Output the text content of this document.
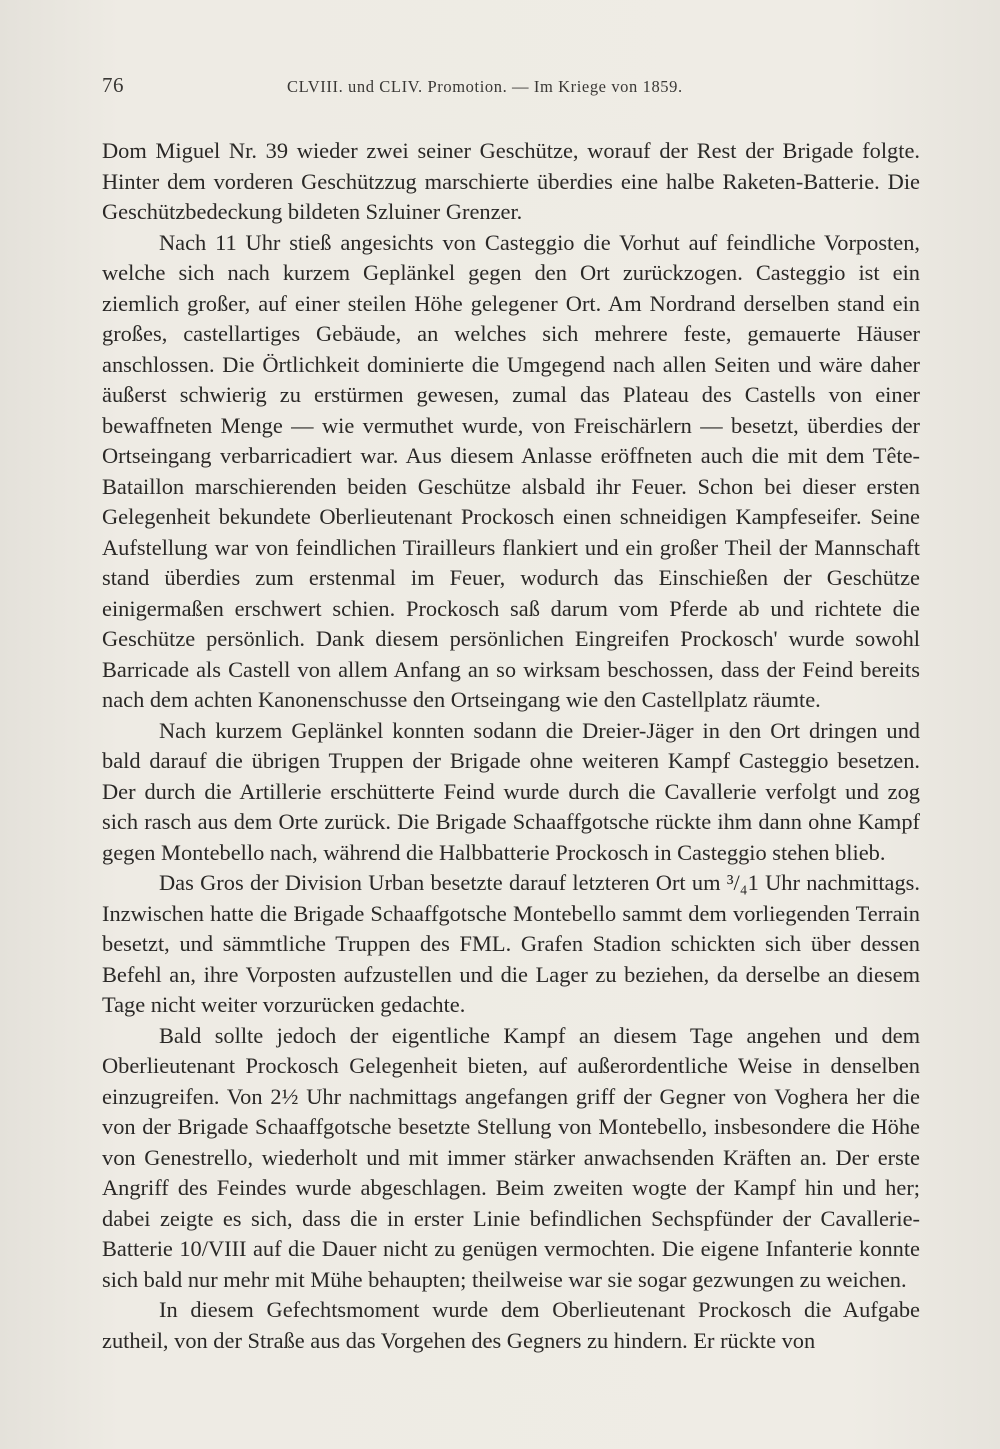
76	CLVIII. und CLIV. Promotion. — Im Kriege von 1859.

Dom Miguel Nr. 39 wieder zwei seiner Geschütze, worauf der Rest der Brigade folgte. Hinter dem vorderen Geschützzug marschierte überdies eine halbe Raketen-Batterie. Die Geschützbedeckung bildeten Szluiner Grenzer.

Nach 11 Uhr stieß angesichts von Casteggio die Vorhut auf feindliche Vorposten, welche sich nach kurzem Geplänkel gegen den Ort zurückzogen. Casteggio ist ein ziemlich großer, auf einer steilen Höhe gelegener Ort. Am Nordrand derselben stand ein großes, castellartiges Gebäude, an welches sich mehrere feste, gemauerte Häuser anschlossen. Die Örtlichkeit dominierte die Umgegend nach allen Seiten und wäre daher äußerst schwierig zu erstürmen gewesen, zumal das Plateau des Castells von einer bewaffneten Menge — wie vermuthet wurde, von Freischärlern — besetzt, überdies der Ortseingang verbarricadiert war. Aus diesem Anlasse eröffneten auch die mit dem Tête-Bataillon marschierenden beiden Geschütze alsbald ihr Feuer. Schon bei dieser ersten Gelegenheit bekundete Oberlieutenant Prockosch einen schneidigen Kampfeseifer. Seine Aufstellung war von feindlichen Tirailleurs flankiert und ein großer Theil der Mannschaft stand überdies zum erstenmal im Feuer, wodurch das Einschießen der Geschütze einigermaßen erschwert schien. Prockosch saß darum vom Pferde ab und richtete die Geschütze persönlich. Dank diesem persönlichen Eingreifen Prockosch' wurde sowohl Barricade als Castell von allem Anfang an so wirksam beschossen, dass der Feind bereits nach dem achten Kanonenschusse den Ortseingang wie den Castellplatz räumte.

Nach kurzem Geplänkel konnten sodann die Dreier-Jäger in den Ort dringen und bald darauf die übrigen Truppen der Brigade ohne weiteren Kampf Casteggio besetzen. Der durch die Artillerie erschütterte Feind wurde durch die Cavallerie verfolgt und zog sich rasch aus dem Orte zurück. Die Brigade Schaaffgotsche rückte ihm dann ohne Kampf gegen Montebello nach, während die Halbbatterie Prockosch in Casteggio stehen blieb.

Das Gros der Division Urban besetzte darauf letzteren Ort um ³/₄1 Uhr nachmittags. Inzwischen hatte die Brigade Schaaffgotsche Montebello sammt dem vorliegenden Terrain besetzt, und sämmtliche Truppen des FML. Grafen Stadion schickten sich über dessen Befehl an, ihre Vorposten aufzustellen und die Lager zu beziehen, da derselbe an diesem Tage nicht weiter vorzurücken gedachte.

Bald sollte jedoch der eigentliche Kampf an diesem Tage angehen und dem Oberlieutenant Prockosch Gelegenheit bieten, auf außerordentliche Weise in denselben einzugreifen. Von 2½ Uhr nachmittags angefangen griff der Gegner von Voghera her die von der Brigade Schaaffgotsche besetzte Stellung von Montebello, insbesondere die Höhe von Genestrello, wiederholt und mit immer stärker anwachsenden Kräften an. Der erste Angriff des Feindes wurde abgeschlagen. Beim zweiten wogte der Kampf hin und her; dabei zeigte es sich, dass die in erster Linie befindlichen Sechspfünder der Cavallerie-Batterie 10/VIII auf die Dauer nicht zu genügen vermochten. Die eigene Infanterie konnte sich bald nur mehr mit Mühe behaupten; theilweise war sie sogar gezwungen zu weichen.

In diesem Gefechtsmoment wurde dem Oberlieutenant Prockosch die Aufgabe zutheil, von der Straße aus das Vorgehen des Gegners zu hindern. Er rückte von
